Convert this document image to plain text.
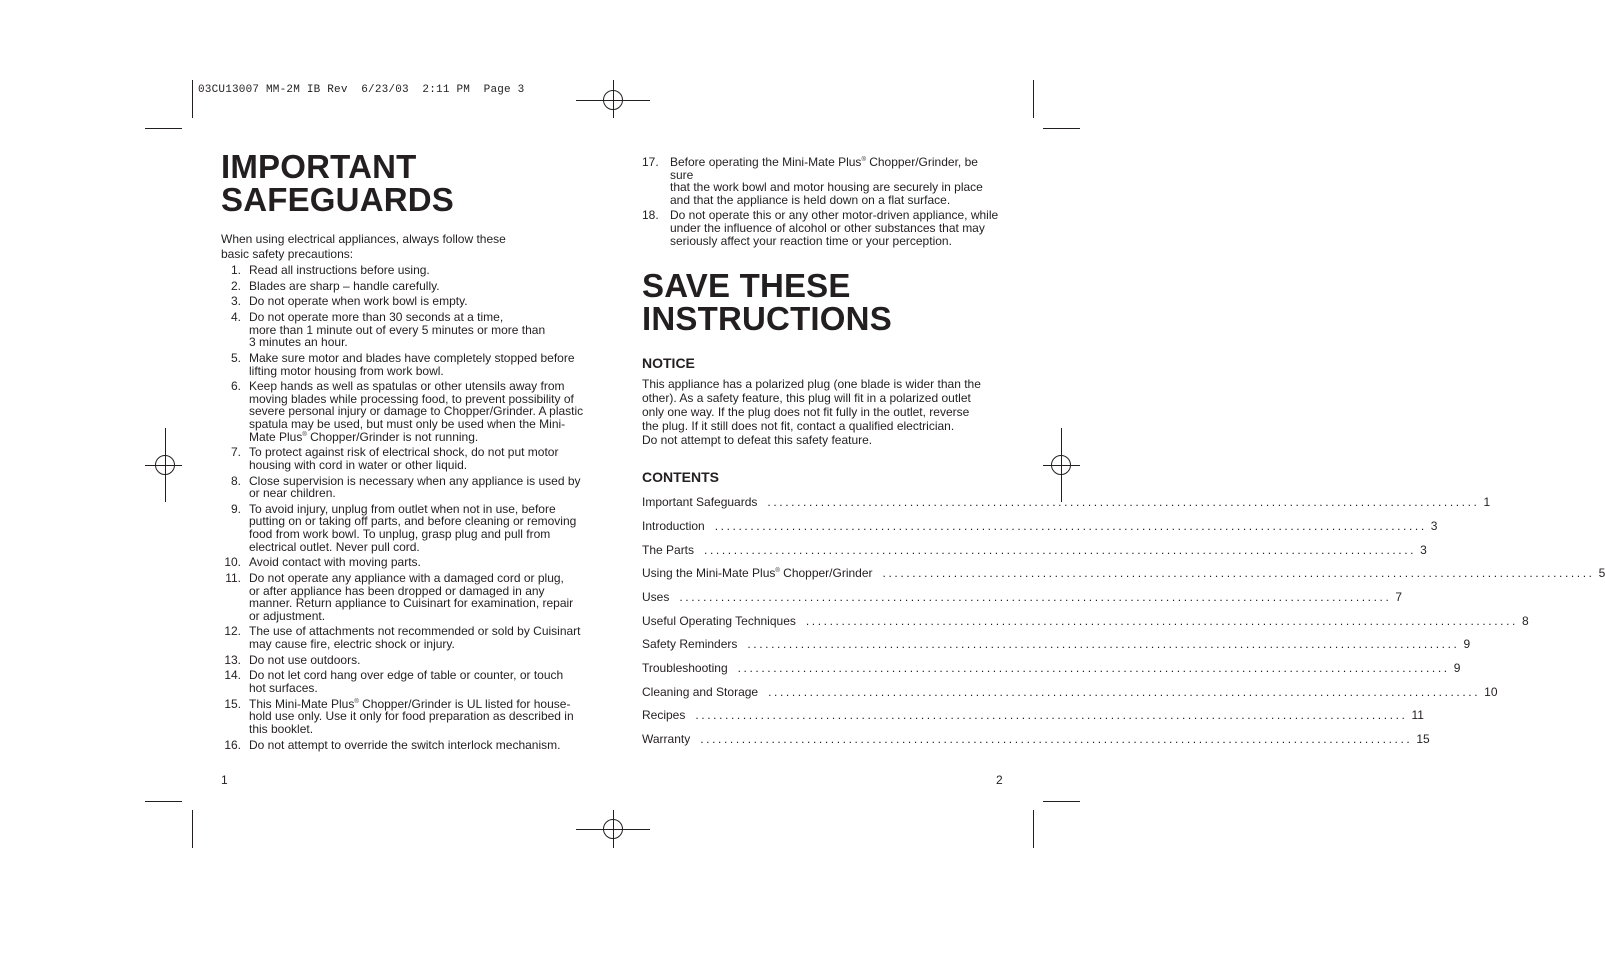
03CU13007 MM-2M IB Rev  6/23/03  2:11 PM  Page 3
IMPORTANT
SAFEGUARDS
When using electrical appliances, always follow these
basic safety precautions:
1. Read all instructions before using.
2. Blades are sharp – handle carefully.
3. Do not operate when work bowl is empty.
4. Do not operate more than 30 seconds at a time,
more than 1 minute out of every 5 minutes or more than
3 minutes an hour.
5. Make sure motor and blades have completely stopped before
lifting motor housing from work bowl.
6. Keep hands as well as spatulas or other utensils away from
moving blades while processing food, to prevent possibility of
severe personal injury or damage to Chopper/Grinder. A plastic
spatula may be used, but must only be used when the Mini-
Mate Plus® Chopper/Grinder is not running.
7. To protect against risk of electrical shock, do not put motor
housing with cord in water or other liquid.
8. Close supervision is necessary when any appliance is used by
or near children.
9. To avoid injury, unplug from outlet when not in use, before
putting on or taking off parts, and before cleaning or removing
food from work bowl. To unplug, grasp plug and pull from
electrical outlet. Never pull cord.
10. Avoid contact with moving parts.
11. Do not operate any appliance with a damaged cord or plug,
or after appliance has been dropped or damaged in any
manner. Return appliance to Cuisinart for examination, repair
or adjustment.
12. The use of attachments not recommended or sold by Cuisinart
may cause fire, electric shock or injury.
13. Do not use outdoors.
14. Do not let cord hang over edge of table or counter, or touch
hot surfaces.
15. This Mini-Mate Plus® Chopper/Grinder is UL listed for house-
hold use only. Use it only for food preparation as described in
this booklet.
16. Do not attempt to override the switch interlock mechanism.
1
17. Before operating the Mini-Mate Plus® Chopper/Grinder, be sure
that the work bowl and motor housing are securely in place
and that the appliance is held down on a flat surface.
18. Do not operate this or any other motor-driven appliance, while
under the influence of alcohol or other substances that may
seriously affect your reaction time or your perception.
SAVE THESE
INSTRUCTIONS
NOTICE
This appliance has a polarized plug (one blade is wider than the
other). As a safety feature, this plug will fit in a polarized outlet
only one way. If the plug does not fit fully in the outlet, reverse
the plug. If it still does not fit, contact a qualified electrician.
Do not attempt to defeat this safety feature.
CONTENTS
Important Safeguards ........................................................................................................................ 1
Introduction ........................................................................................................................ 3
The Parts ........................................................................................................................ 3
Using the Mini-Mate Plus® Chopper/Grinder ........................................................................................................................ 5
Uses ........................................................................................................................ 7
Useful Operating Techniques ........................................................................................................................ 8
Safety Reminders ........................................................................................................................ 9
Troubleshooting ........................................................................................................................ 9
Cleaning and Storage ........................................................................................................................ 10
Recipes ........................................................................................................................ 11
Warranty ........................................................................................................................ 15
2
